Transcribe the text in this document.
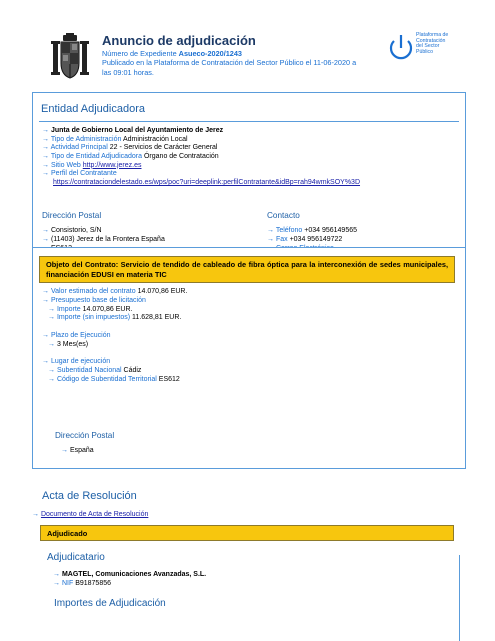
Anuncio de adjudicación
Número de Expediente Asueco-2020/1243
Publicado en la Plataforma de Contratación del Sector Público el 11-06-2020 a
las 09:01 horas.
Plataforma de
Contratación
del Sector
Público
Entidad Adjudicadora
→ Junta de Gobierno Local del Ayuntamiento de Jerez
→ Tipo de Administración Administración Local
→ Actividad Principal 22 - Servicios de Carácter General
→ Tipo de Entidad Adjudicadora Órgano de Contratación
→ Sitio Web http://www.jerez.es
→ Perfil del Contratante
https://contrataciondelestado.es/wps/poc?uri=deeplink:perfilContratante&idBp=rah94wmkSOY%3D
Dirección Postal	Contacto
→ Consistorio, S/N
→ (11403) Jerez de la Frontera España
→ Teléfono +034 956149565
→ Fax +034 956149722
Objeto del Contrato: Servicio de tendido de cableado de fibra óptica para la interconexión de sedes municipales, financiación EDUSI en materia TIC
→ Valor estimado del contrato 14.070,86 EUR.
→ Presupuesto base de licitación
→ Importe 14.070,86 EUR.
→ Importe (sin impuestos) 11.628,81 EUR.
→ Plazo de Ejecución
→ 3 Mes(es)
→ Lugar de ejecución
→ Subentidad Nacional Cádiz
→ Código de Subentidad Territorial ES612
Dirección Postal
→ España
Acta de Resolución
→ Documento de Acta de Resolución
Adjudicado
Adjudicatario
→ MAGTEL, Comunicaciones Avanzadas, S.L.
→ NIF B91875856
Importes de Adjudicación
